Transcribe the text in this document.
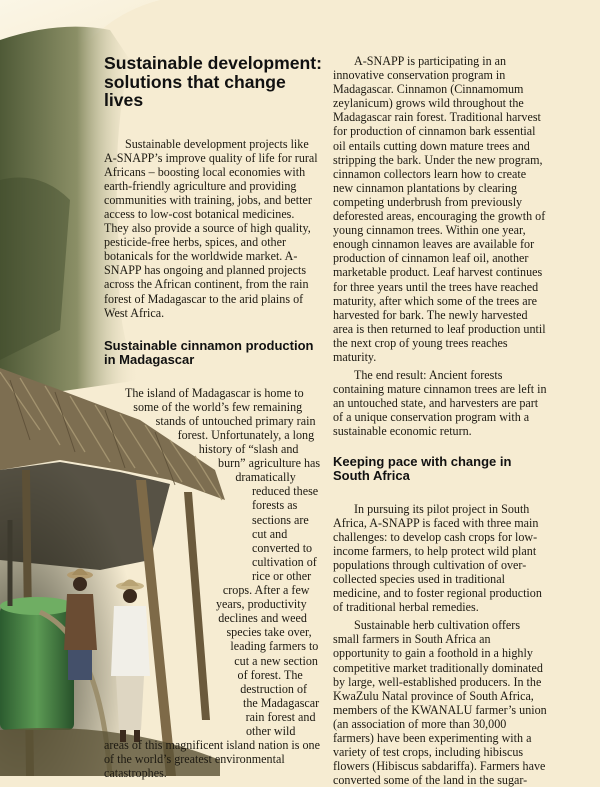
Sustainable development: solutions that change lives

Sustainable development projects like A-SNAPP’s improve quality of life for rural Africans – boosting local economies with earth-friendly agriculture and providing communities with training, jobs, and better access to low-cost botanical medicines. They also provide a source of high quality, pesticide-free herbs, spices, and other botanicals for the worldwide market. A-SNAPP has ongoing and planned projects across the African continent, from the rain forest of Madagascar to the arid plains of West Africa.

Sustainable cinnamon production in Madagascar

The island of Madagascar is home to some of the world’s few remaining stands of untouched primary rain forest. Unfortunately, a long history of “slash and burn” agriculture has dramatically reduced these forests as sections are cut and converted to cultivation of rice or other crops. After a few years, productivity declines and weed species take over, leading farmers to cut a new section of forest. The destruction of the Madagascar rain forest and other wild areas of this magnificent island nation is one of the world’s greatest environmental catastrophes.

A-SNAPP is participating in an innovative conservation program in Madagascar. Cinnamon (Cinnamomum zeylanicum) grows wild throughout the Madagascar rain forest. Traditional harvest for production of cinnamon bark essential oil entails cutting down mature trees and stripping the bark. Under the new program, cinnamon collectors learn how to create new cinnamon plantations by clearing competing underbrush from previously deforested areas, encouraging the growth of young cinnamon trees. Within one year, enough cinnamon leaves are available for production of cinnamon leaf oil, another marketable product. Leaf harvest continues for three years until the trees have reached maturity, after which some of the trees are harvested for bark. The newly harvested area is then returned to leaf production until the next crop of young trees reaches maturity.

The end result: Ancient forests containing mature cinnamon trees are left in an untouched state, and harvesters are part of a unique conservation program with a sustainable economic return.

Keeping pace with change in South Africa

In pursuing its pilot project in South Africa, A-SNAPP is faced with three main challenges: to develop cash crops for low-income farmers, to help protect wild plant populations through cultivation of over-collected species used in traditional medicine, and to foster regional production of traditional herbal remedies.

Sustainable herb cultivation offers small farmers in South Africa an opportunity to gain a foothold in a highly competitive market traditionally dominated by large, well-established producers. In the KwaZulu Natal province of South Africa, members of the KWANALU farmer’s union (an association of more than 30,000 farmers) have been experimenting with a variety of test crops, including hibiscus flowers (Hibiscus sabdariffa). Farmers have converted some of the land in the sugar-
